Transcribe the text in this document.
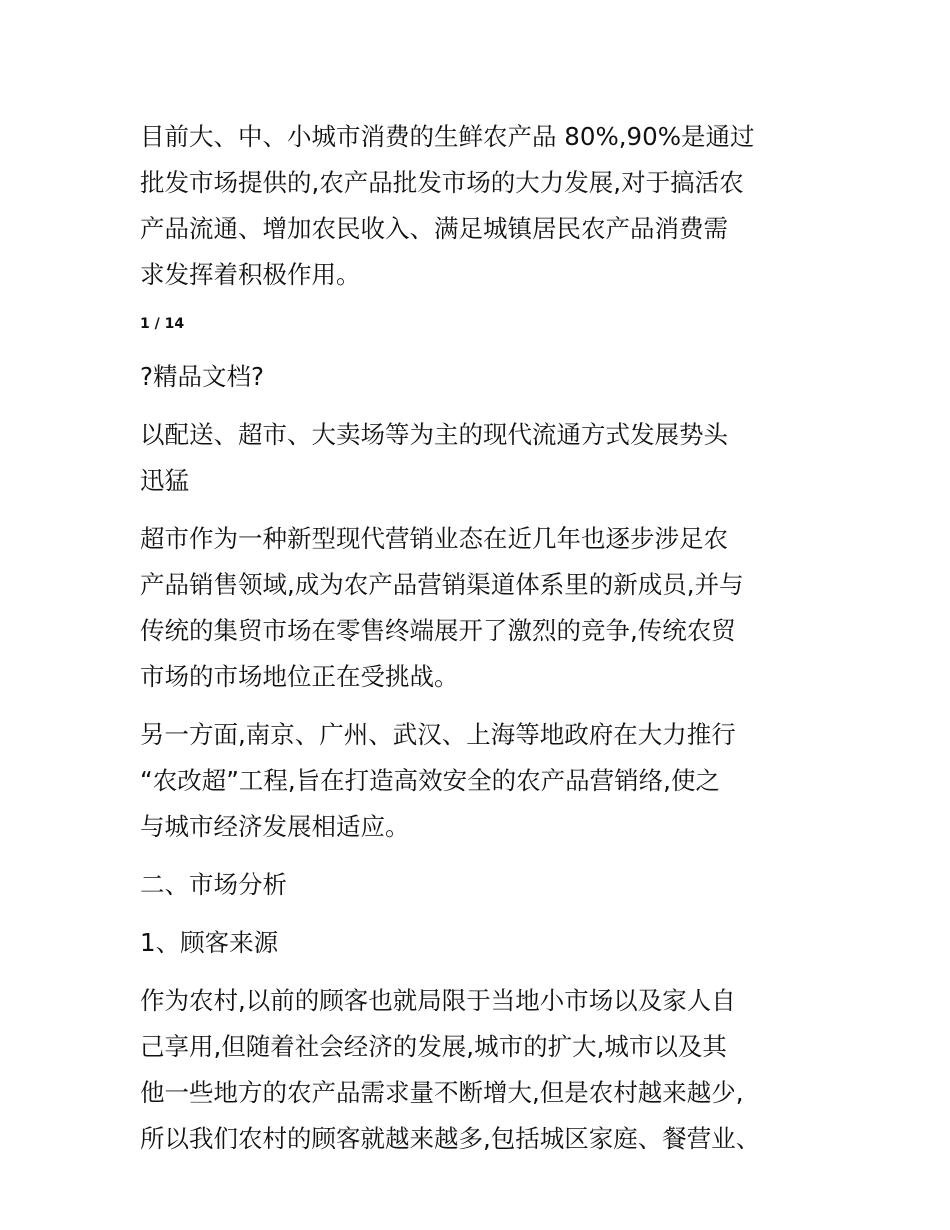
目前大、中、小城市消费的生鲜农产品 80%,90%是通过
批发市场提供的,农产品批发市场的大力发展,对于搞活农
产品流通、增加农民收入、满足城镇居民农产品消费需
求发挥着积极作用。

1 / 14

?精品文档?

以配送、超市、大卖场等为主的现代流通方式发展势头
迅猛

超市作为一种新型现代营销业态在近几年也逐步涉足农
产品销售领域,成为农产品营销渠道体系里的新成员,并与
传统的集贸市场在零售终端展开了激烈的竞争,传统农贸
市场的市场地位正在受挑战。

另一方面,南京、广州、武汉、上海等地政府在大力推行
“农改超”工程,旨在打造高效安全的农产品营销络,使之
与城市经济发展相适应。

二、市场分析

1、顾客来源

作为农村,以前的顾客也就局限于当地小市场以及家人自
己享用,但随着社会经济的发展,城市的扩大,城市以及其
他一些地方的农产品需求量不断增大,但是农村越来越少,
所以我们农村的顾客就越来越多,包括城区家庭、餐营业、
